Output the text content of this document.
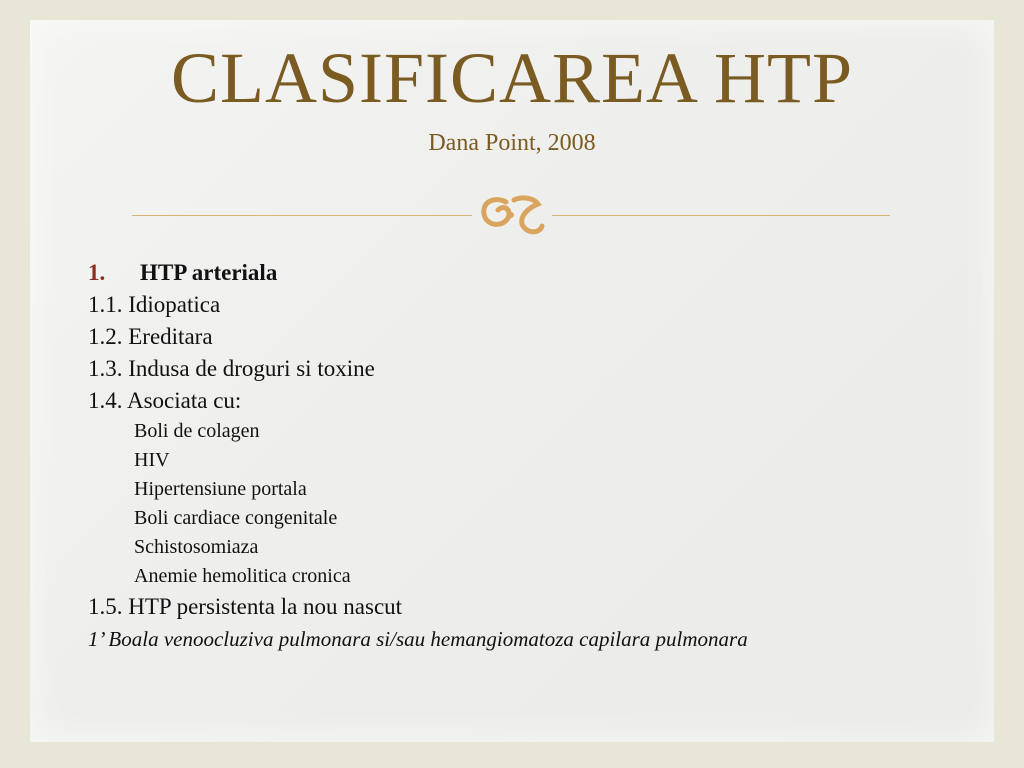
CLASIFICAREA HTP
Dana Point, 2008
1. HTP arteriala
1.1. Idiopatica
1.2. Ereditara
1.3. Indusa de droguri si toxine
1.4. Asociata cu:
Boli de colagen
HIV
Hipertensiune portala
Boli cardiace congenitale
Schistosomiaza
Anemie hemolitica cronica
1.5. HTP persistenta la nou nascut
1’ Boala venoocluziva pulmonara si/sau hemangiomatoza capilara pulmonara
